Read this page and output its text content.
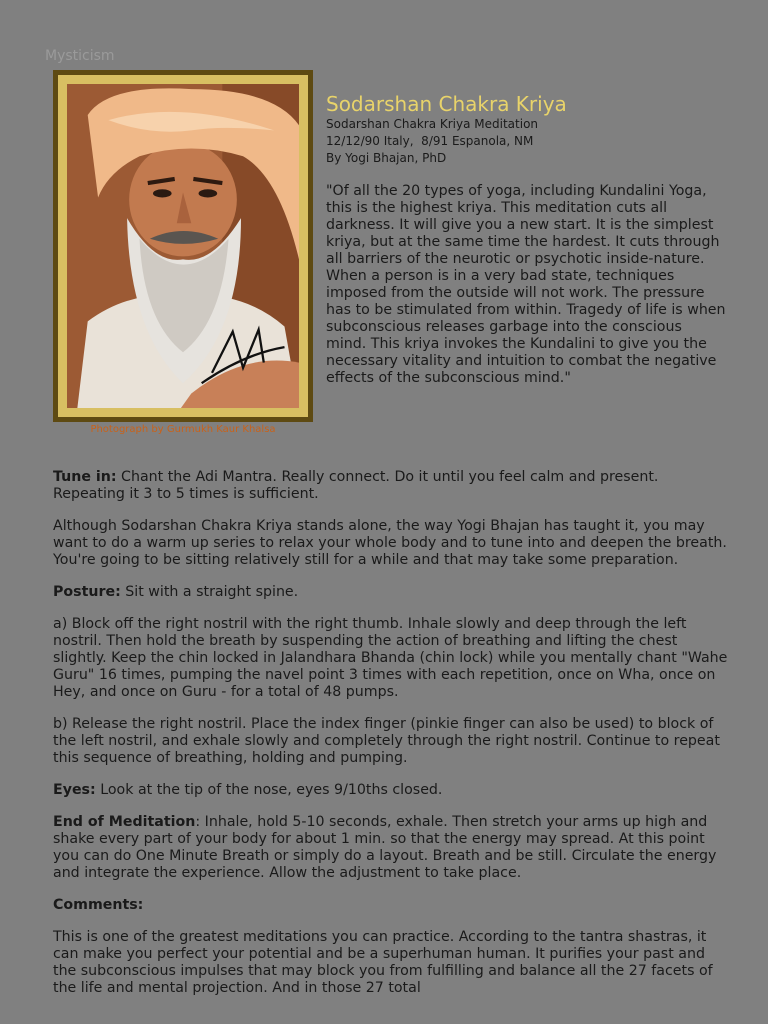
Mysticism
Photograph by Gurmukh Kaur Khalsa
Sodarshan Chakra Kriya
Sodarshan Chakra Kriya Meditation
12/12/90 Italy,  8/91 Espanola, NM
By Yogi Bhajan, PhD

"Of all the 20 types of yoga, including Kundalini Yoga, this is the highest kriya. This meditation cuts all darkness. It will give you a new start. It is the simplest kriya, but at the same time the hardest. It cuts through all barriers of the neurotic or psychotic inside-nature. When a person is in a very bad state, techniques imposed from the outside will not work. The pressure has to be stimulated from within. Tragedy of life is when subconscious releases garbage into the conscious mind. This kriya invokes the Kundalini to give you the necessary vitality and intuition to combat the negative effects of the subconscious mind."

Tune in: Chant the Adi Mantra. Really connect. Do it until you feel calm and present. Repeating it 3 to 5 times is sufficient.

Although Sodarshan Chakra Kriya stands alone, the way Yogi Bhajan has taught it, you may want to do a warm up series to relax your whole body and to tune into and deepen the breath. You're going to be sitting relatively still for a while and that may take some preparation.

Posture: Sit with a straight spine.

a) Block off the right nostril with the right thumb. Inhale slowly and deep through the left nostril. Then hold the breath by suspending the action of breathing and lifting the chest slightly. Keep the chin locked in Jalandhara Bhanda (chin lock) while you mentally chant "Wahe Guru" 16 times, pumping the navel point 3 times with each repetition, once on Wha, once on Hey, and once on Guru - for a total of 48 pumps.

b) Release the right nostril. Place the index finger (pinkie finger can also be used) to block of the left nostril, and exhale slowly and completely through the right nostril. Continue to repeat this sequence of breathing, holding and pumping.

Eyes: Look at the tip of the nose, eyes 9/10ths closed.

End of Meditation: Inhale, hold 5-10 seconds, exhale. Then stretch your arms up high and shake every part of your body for about 1 min. so that the energy may spread. At this point you can do One Minute Breath or simply do a layout. Breath and be still. Circulate the energy and integrate the experience. Allow the adjustment to take place.

Comments:

This is one of the greatest meditations you can practice. According to the tantra shastras, it can make you perfect your potential and be a superhuman human. It purifies your past and the subconscious impulses that may block you from fulfilling and balance all the 27 facets of the life and mental projection. And in those 27 total
